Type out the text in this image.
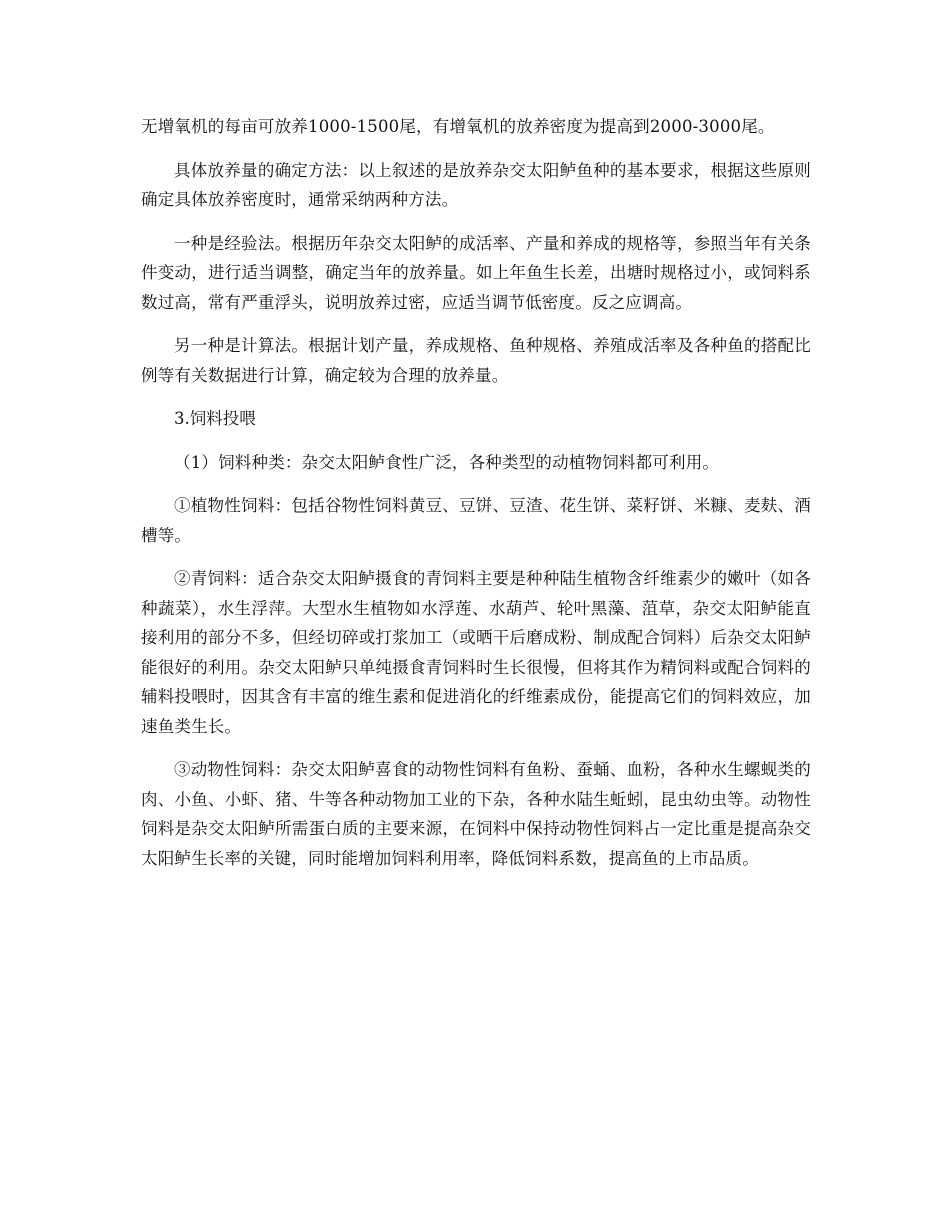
无增氧机的每亩可放养1000-1500尾，有增氧机的放养密度为提高到2000-3000尾。

具体放养量的确定方法：以上叙述的是放养杂交太阳鲈鱼种的基本要求，根据这些原则确定具体放养密度时，通常采纳两种方法。

一种是经验法。根据历年杂交太阳鲈的成活率、产量和养成的规格等，参照当年有关条件变动，进行适当调整，确定当年的放养量。如上年鱼生长差，出塘时规格过小，或饲料系数过高，常有严重浮头，说明放养过密，应适当调节低密度。反之应调高。

另一种是计算法。根据计划产量，养成规格、鱼种规格、养殖成活率及各种鱼的搭配比例等有关数据进行计算，确定较为合理的放养量。

3.饲料投喂

（1）饲料种类：杂交太阳鲈食性广泛，各种类型的动植物饲料都可利用。

①植物性饲料：包括谷物性饲料黄豆、豆饼、豆渣、花生饼、菜籽饼、米糠、麦麸、酒槽等。

②青饲料：适合杂交太阳鲈摄食的青饲料主要是种种陆生植物含纤维素少的嫩叶（如各种蔬菜），水生浮萍。大型水生植物如水浮莲、水葫芦、轮叶黑藻、菹草，杂交太阳鲈能直接利用的部分不多，但经切碎或打浆加工（或晒干后磨成粉、制成配合饲料）后杂交太阳鲈能很好的利用。杂交太阳鲈只单纯摄食青饲料时生长很慢，但将其作为精饲料或配合饲料的辅料投喂时，因其含有丰富的维生素和促进消化的纤维素成份，能提高它们的饲料效应，加速鱼类生长。

③动物性饲料：杂交太阳鲈喜食的动物性饲料有鱼粉、蚕蛹、血粉，各种水生螺蚬类的肉、小鱼、小虾、猪、牛等各种动物加工业的下杂，各种水陆生蚯蚓，昆虫幼虫等。动物性饲料是杂交太阳鲈所需蛋白质的主要来源，在饲料中保持动物性饲料占一定比重是提高杂交太阳鲈生长率的关键，同时能增加饲料利用率，降低饲料系数，提高鱼的上市品质。
